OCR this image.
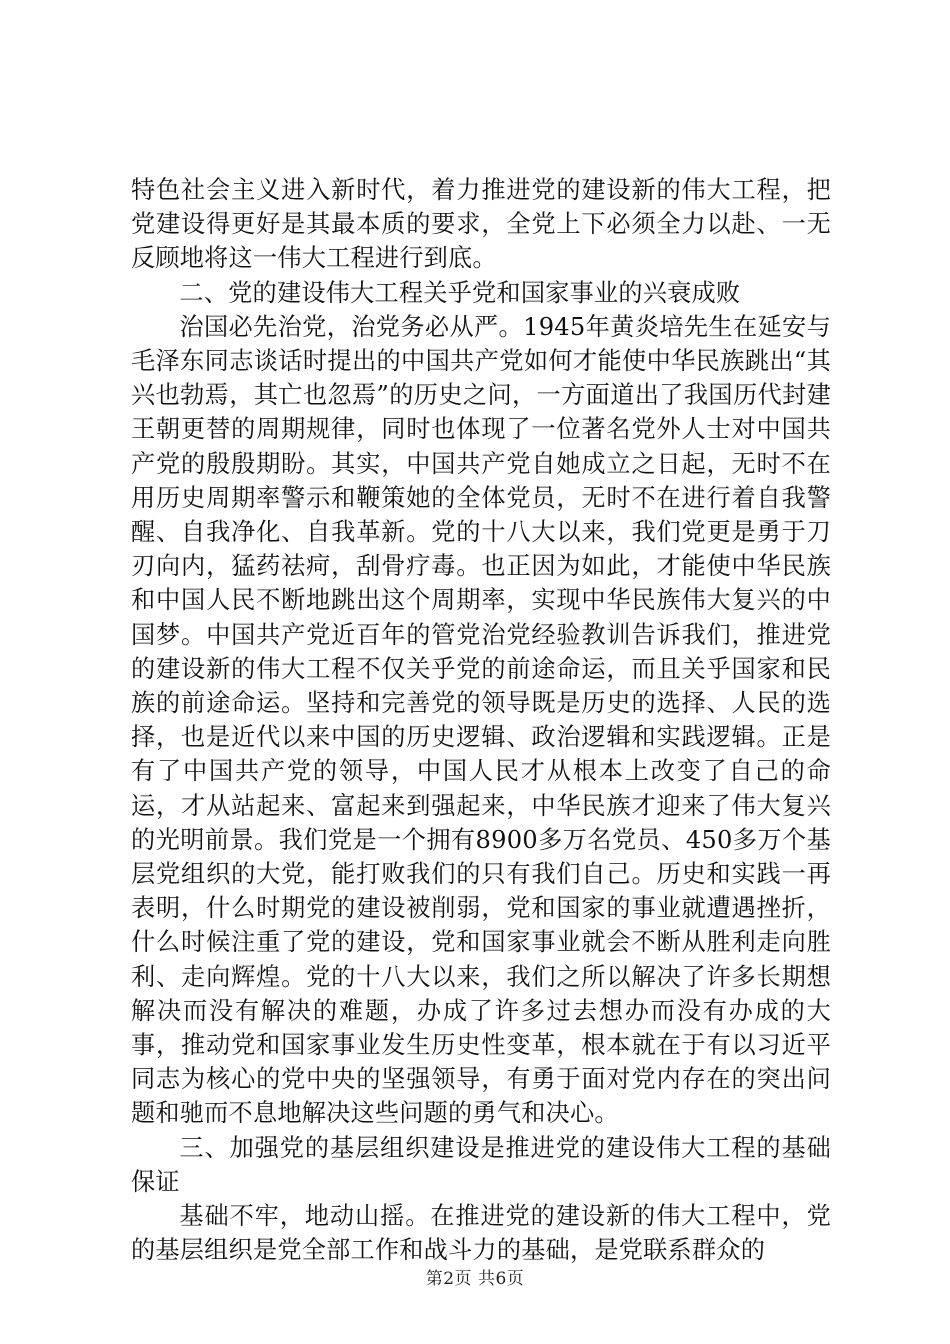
特色社会主义进入新时代，着力推进党的建设新的伟大工程，把党建设得更好是其最本质的要求，全党上下必须全力以赴、一无反顾地将这一伟大工程进行到底。

二、党的建设伟大工程关乎党和国家事业的兴衰成败

治国必先治党，治党务必从严。1945年黄炎培先生在延安与毛泽东同志谈话时提出的中国共产党如何才能使中华民族跳出“其兴也勃焉，其亡也忽焉”的历史之问，一方面道出了我国历代封建王朝更替的周期规律，同时也体现了一位著名党外人士对中国共产党的殷殷期盼。其实，中国共产党自她成立之日起，无时不在用历史周期率警示和鞭策她的全体党员，无时不在进行着自我警醒、自我净化、自我革新。党的十八大以来，我们党更是勇于刀刃向内，猛药祛疴，刮骨疗毒。也正因为如此，才能使中华民族和中国人民不断地跳出这个周期率，实现中华民族伟大复兴的中国梦。中国共产党近百年的管党治党经验教训告诉我们，推进党的建设新的伟大工程不仅关乎党的前途命运，而且关乎国家和民族的前途命运。坚持和完善党的领导既是历史的选择、人民的选择，也是近代以来中国的历史逻辑、政治逻辑和实践逻辑。正是有了中国共产党的领导，中国人民才从根本上改变了自己的命运，才从站起来、富起来到强起来，中华民族才迎来了伟大复兴的光明前景。我们党是一个拥有8900多万名党员、450多万个基层党组织的大党，能打败我们的只有我们自己。历史和实践一再表明，什么时期党的建设被削弱，党和国家的事业就遭遇挫折，什么时候注重了党的建设，党和国家事业就会不断从胜利走向胜利、走向辉煌。党的十八大以来，我们之所以解决了许多长期想解决而没有解决的难题，办成了许多过去想办而没有办成的大事，推动党和国家事业发生历史性变革，根本就在于有以习近平同志为核心的党中央的坚强领导，有勇于面对党内存在的突出问题和驰而不息地解决这些问题的勇气和决心。

三、加强党的基层组织建设是推进党的建设伟大工程的基础保证

基础不牢，地动山摇。在推进党的建设新的伟大工程中，党的基层组织是党全部工作和战斗力的基础，是党联系群众的

第2页 共6页
